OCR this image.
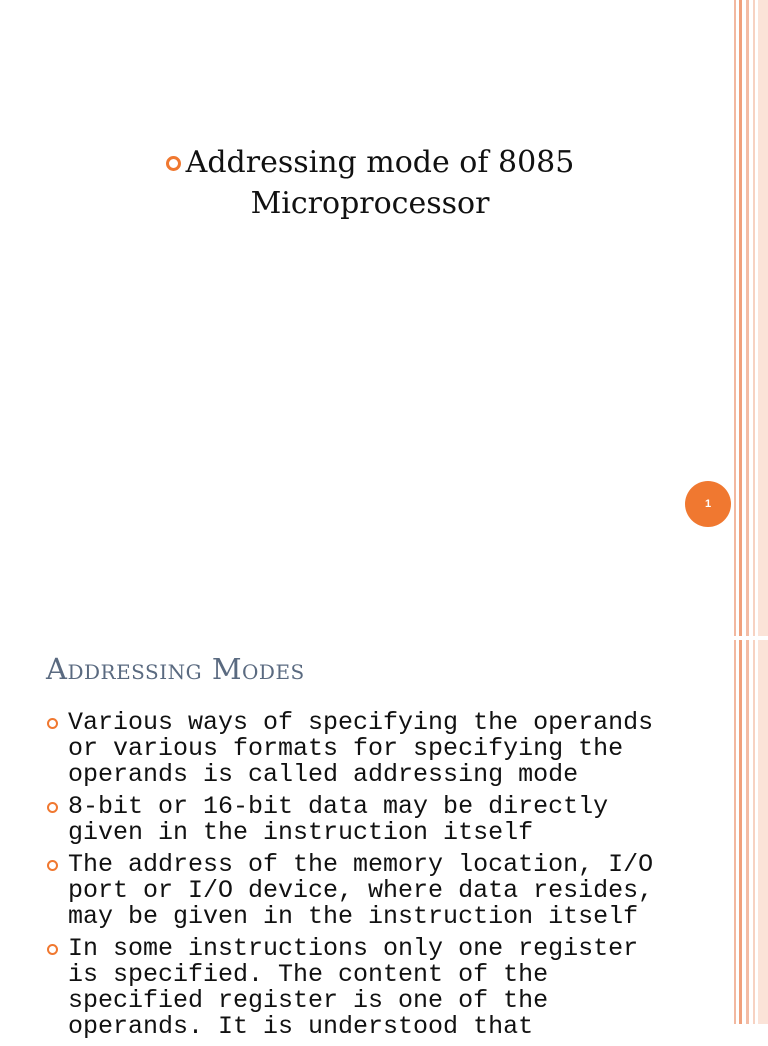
Addressing mode of 8085
Microprocessor
1
Addressing Modes
Various ways of specifying the operands or various formats for specifying the operands is called addressing mode
8-bit or 16-bit data may be directly given in the instruction itself
The address of the memory location, I/O port or I/O device, where data resides, may be given in the instruction itself
In some instructions only one register is specified. The content of the specified register is one of the operands. It is understood that
